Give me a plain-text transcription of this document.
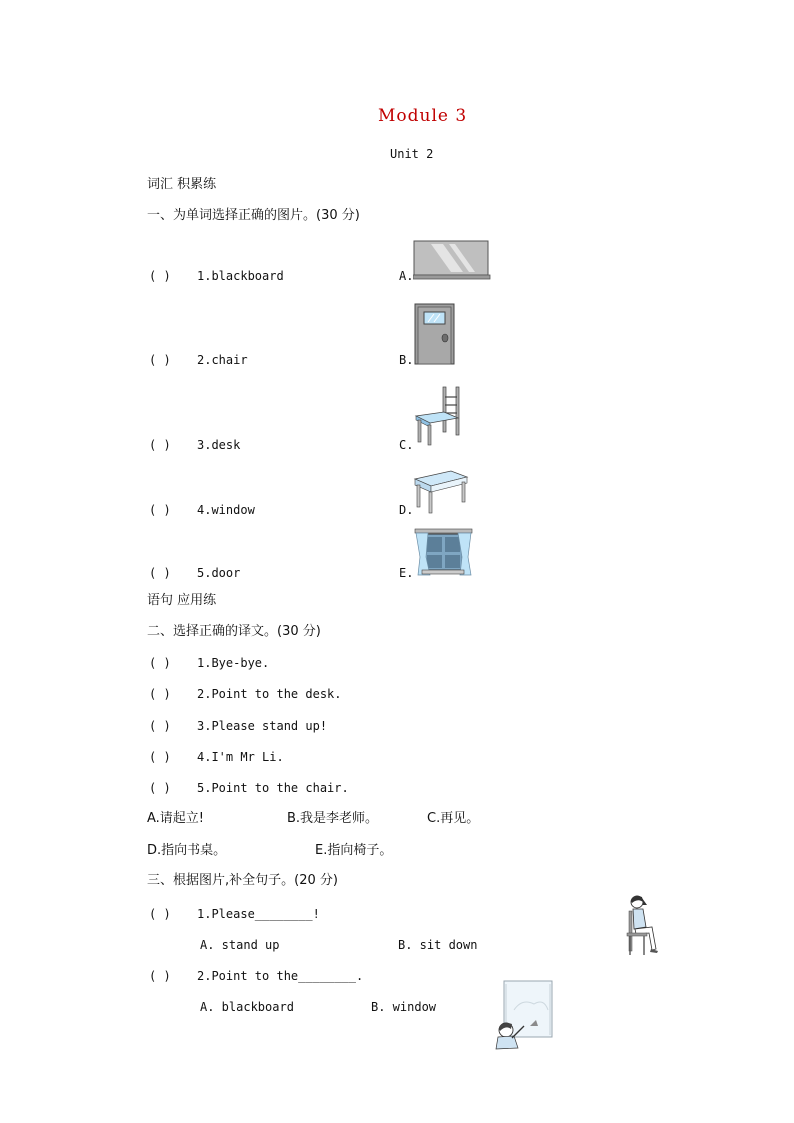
Module 3
Unit 2
词汇 积累练
一、为单词选择正确的图片。(30 分)
( ) 1.blackboard	A.
( ) 2.chair	B.
( ) 3.desk	C.
( ) 4.window	D.
( ) 5.door	E.
语句 应用练
二、选择正确的译文。(30 分)
( ) 1.Bye-bye.
( ) 2.Point to the desk.
( ) 3.Please stand up!
( ) 4.I'm Mr Li.
( ) 5.Point to the chair.
A.请起立!	B.我是李老师。	C.再见。
D.指向书桌。	E.指向椅子。
三、根据图片,补全句子。(20 分)
( ) 1.Please________!
A. stand up	B. sit down
( ) 2.Point to the________.
A. blackboard	B. window
